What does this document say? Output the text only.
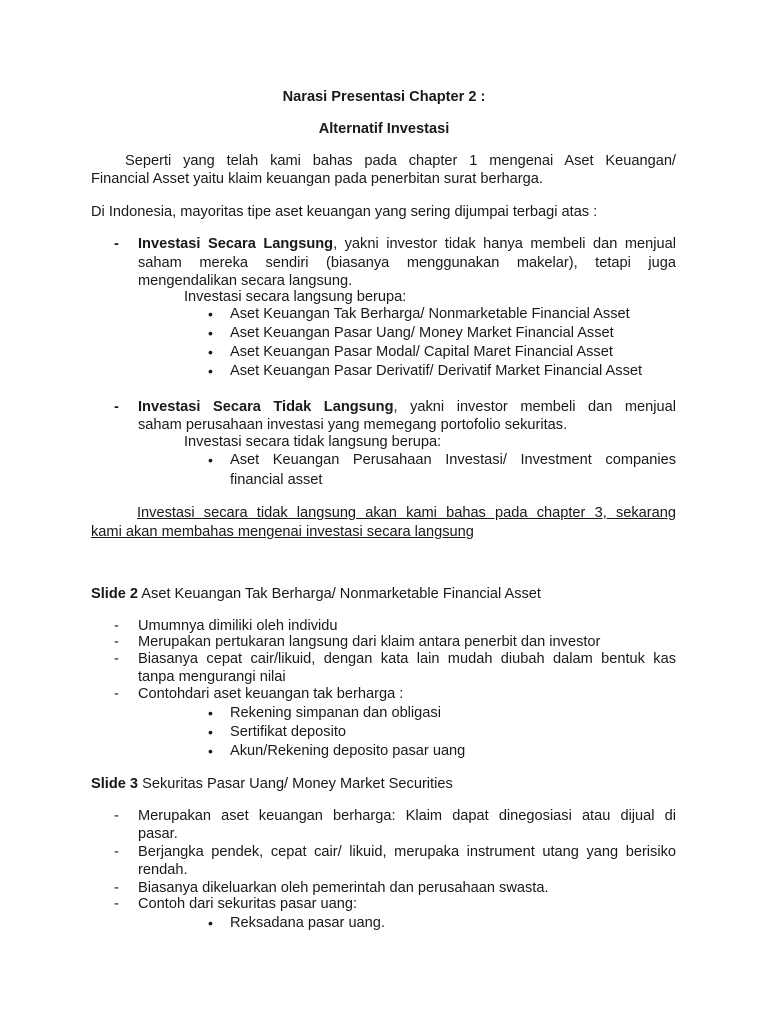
Narasi Presentasi Chapter 2 :
Alternatif Investasi
Seperti yang telah kami bahas pada chapter 1 mengenai Aset Keuangan/
Financial Asset yaitu klaim keuangan pada penerbitan surat berharga.
Di Indonesia, mayoritas tipe aset keuangan yang sering dijumpai terbagi atas :
- Investasi Secara Langsung, yakni investor tidak hanya membeli dan menjual
saham mereka sendiri (biasanya menggunakan makelar), tetapi juga
mengendalikan secara langsung.
Investasi secara langsung berupa:
• Aset Keuangan Tak Berharga/ Nonmarketable Financial Asset
• Aset Keuangan Pasar Uang/ Money Market Financial Asset
• Aset Keuangan Pasar Modal/ Capital Maret Financial Asset
• Aset Keuangan Pasar Derivatif/ Derivatif Market Financial Asset
- Investasi Secara Tidak Langsung, yakni investor membeli dan menjual
saham perusahaan investasi yang memegang portofolio sekuritas.
Investasi secara tidak langsung berupa:
• Aset Keuangan Perusahaan Investasi/ Investment companies
financial asset
Investasi secara tidak langsung akan kami bahas pada chapter 3, sekarang
kami akan membahas mengenai investasi secara langsung
Slide 2 Aset Keuangan Tak Berharga/ Nonmarketable Financial Asset
- Umumnya dimiliki oleh individu
- Merupakan pertukaran langsung dari klaim antara penerbit dan investor
- Biasanya cepat cair/likuid, dengan kata lain mudah diubah dalam bentuk kas
tanpa mengurangi nilai
- Contohdari aset keuangan tak berharga :
• Rekening simpanan dan obligasi
• Sertifikat deposito
• Akun/Rekening deposito pasar uang
Slide 3 Sekuritas Pasar Uang/ Money Market Securities
- Merupakan aset keuangan berharga: Klaim dapat dinegosiasi atau dijual di
pasar.
- Berjangka pendek, cepat cair/ likuid, merupaka instrument utang yang berisiko
rendah.
- Biasanya dikeluarkan oleh pemerintah dan perusahaan swasta.
- Contoh dari sekuritas pasar uang:
• Reksadana pasar uang.
